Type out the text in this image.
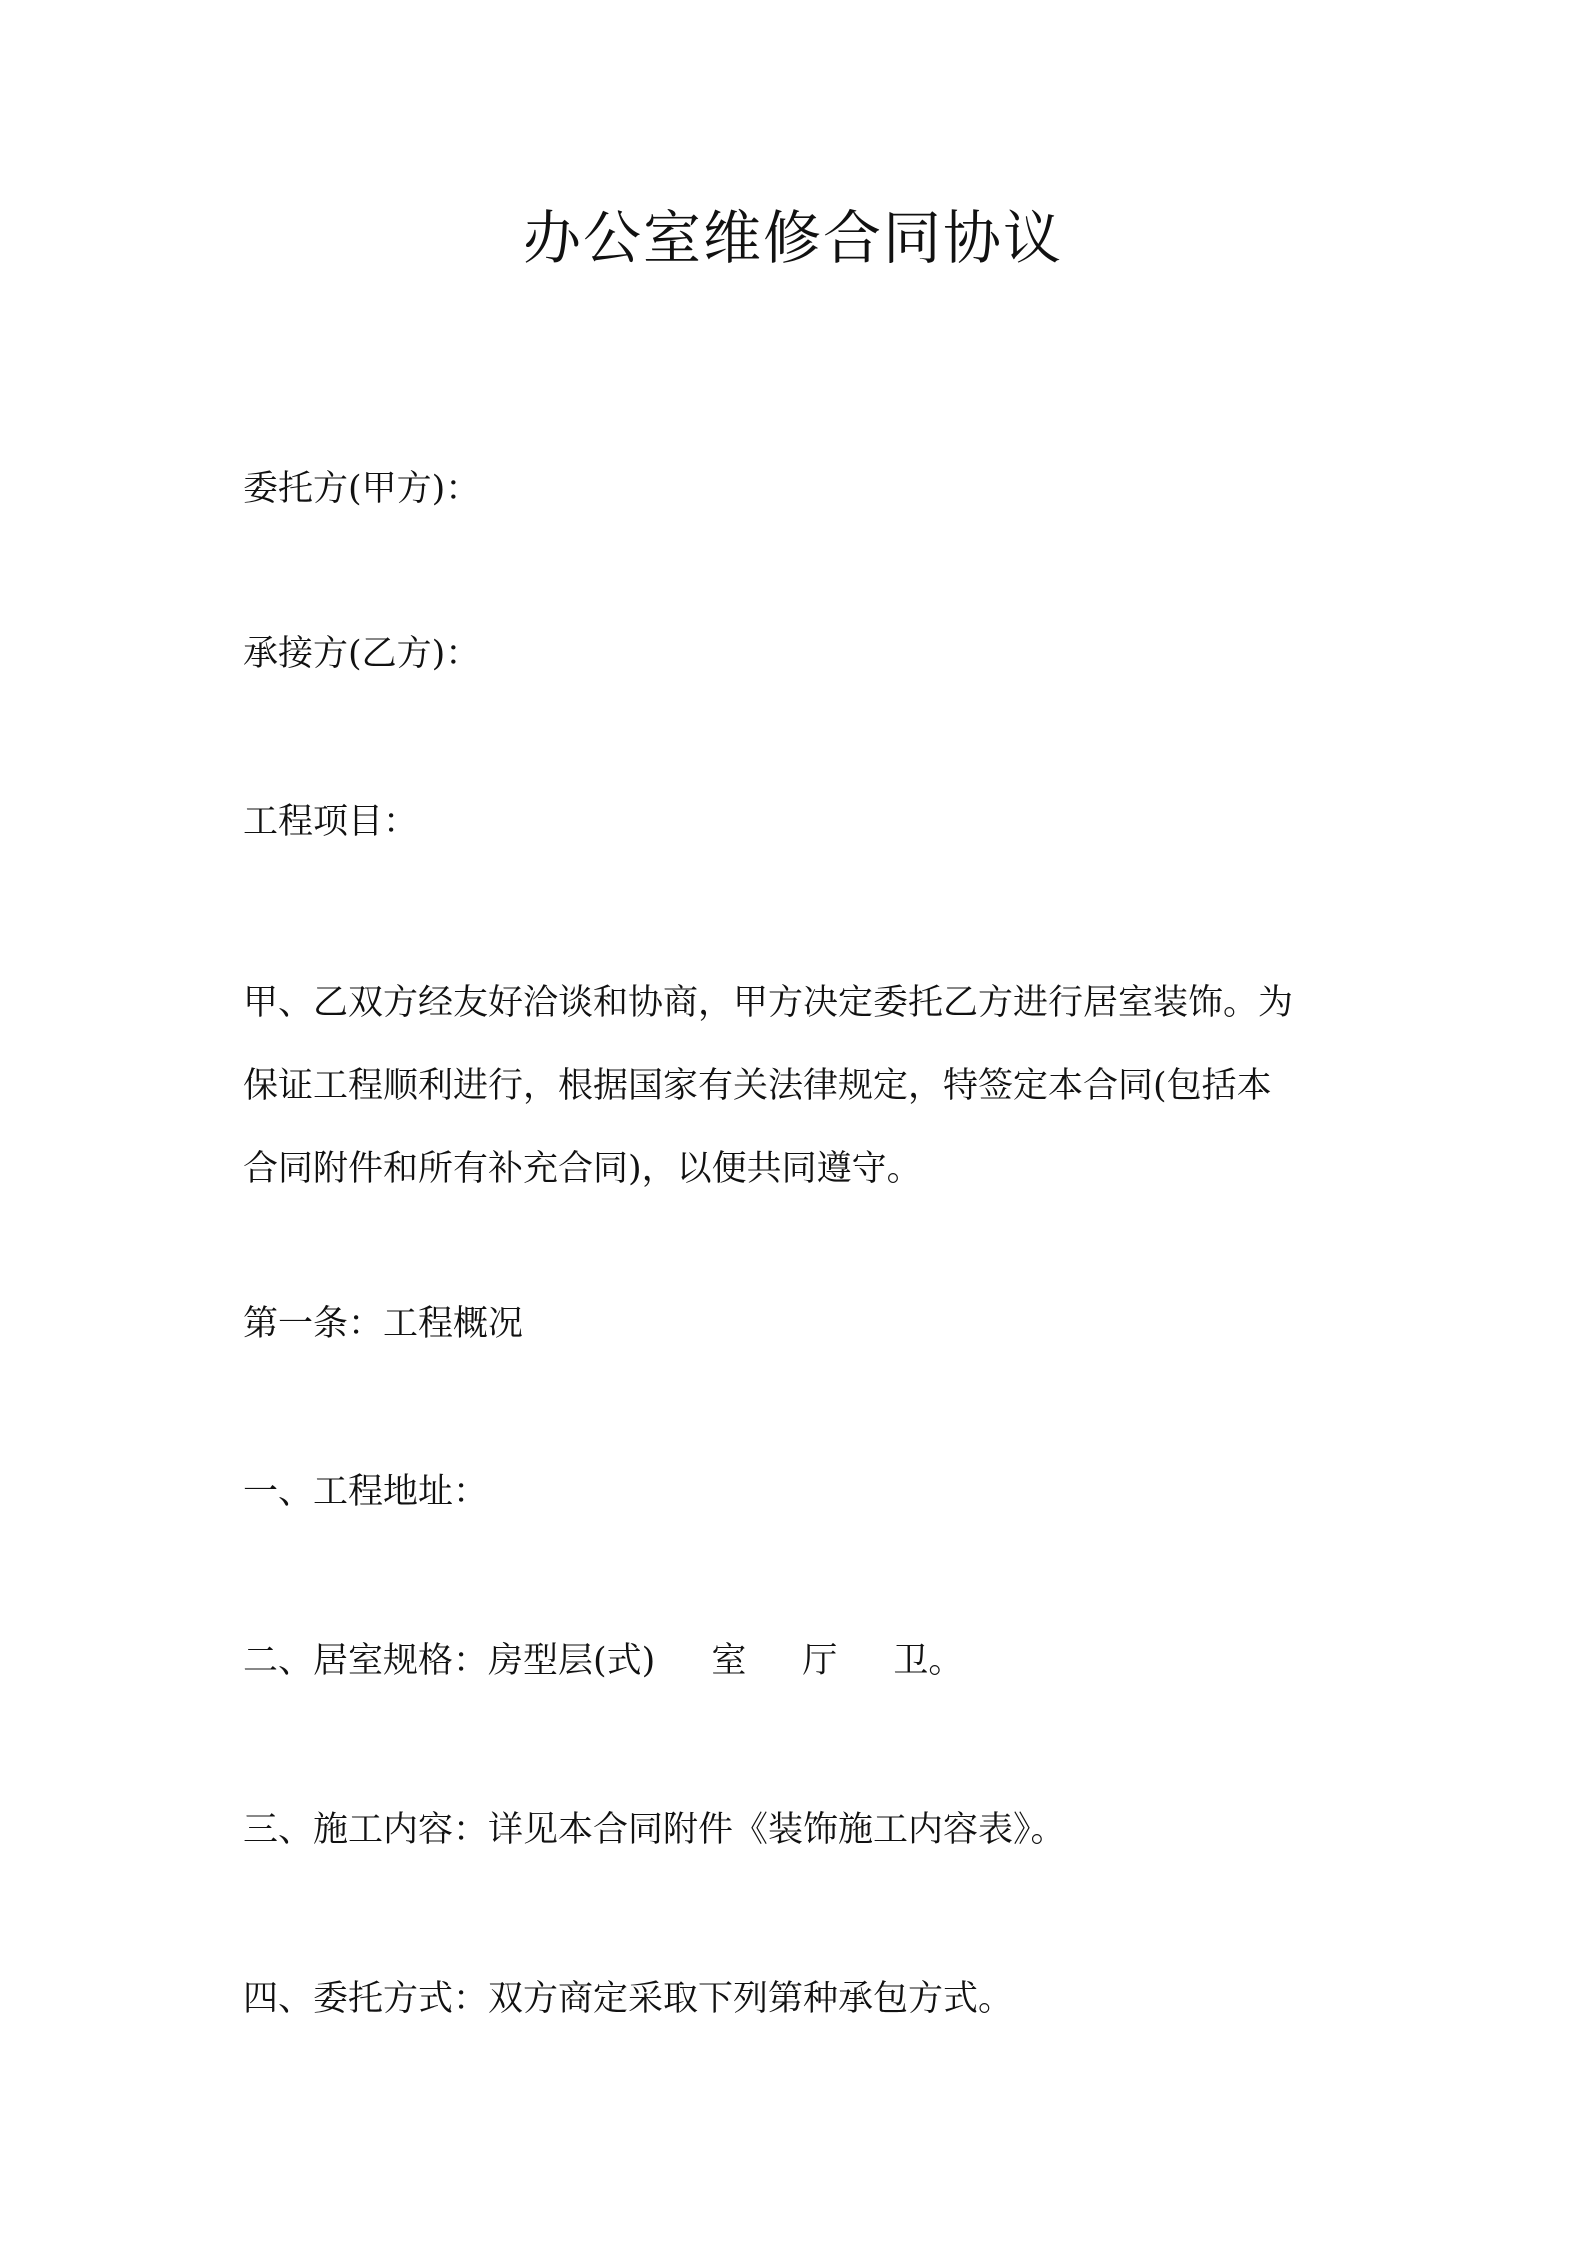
办公室维修合同协议
委托方(甲方)：
承接方(乙方)：
工程项目：
甲、乙双方经友好洽谈和协商，甲方决定委托乙方进行居室装饰。为
保证工程顺利进行，根据国家有关法律规定，特签定本合同(包括本
合同附件和所有补充合同)，以便共同遵守。
第一条：工程概况
一、工程地址：
二、居室规格：房型层(式) 室 厅 卫。
三、施工内容：详见本合同附件《装饰施工内容表》。
四、委托方式：双方商定采取下列第种承包方式。
